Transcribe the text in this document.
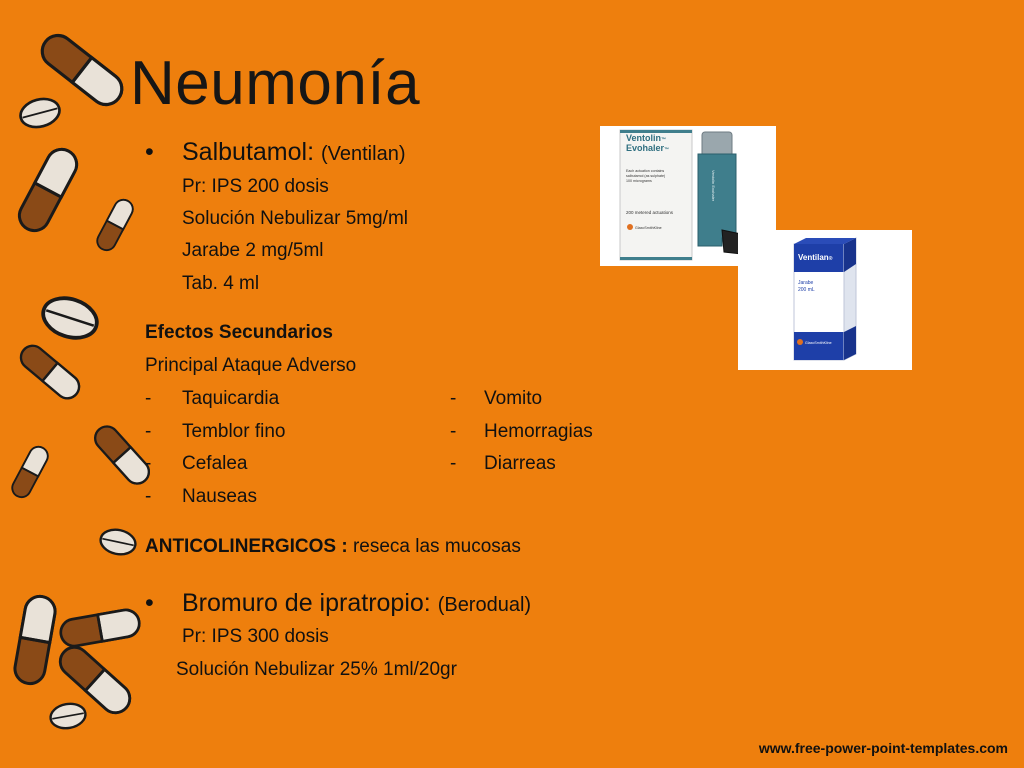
Neumonía
• Salbutamol: (Ventilan)
Pr: IPS 200 dosis
Solución Nebulizar 5mg/ml
Jarabe 2 mg/5ml
Tab. 4 ml
Efectos Secundarios
Principal Ataque Adverso
- Taquicardia
- Temblor fino
- Cefalea
- Nauseas
- Vomito
- Hemorragias
- Diarreas
ANTICOLINERGICOS : reseca las mucosas
• Bromuro de ipratropio: (Berodual)
Pr: IPS 300 dosis
Solución Nebulizar 25% 1ml/20gr
Ventolin™
Evohaler™
Each actuation contains
salbutamol (as sulphate)
100 micrograms
200 metered actuations
GlaxoSmithKline
Ventolin Evohaler
Ventilan®
Jarabe
200 mL
GlaxoSmithKline
www.free-power-point-templates.com
